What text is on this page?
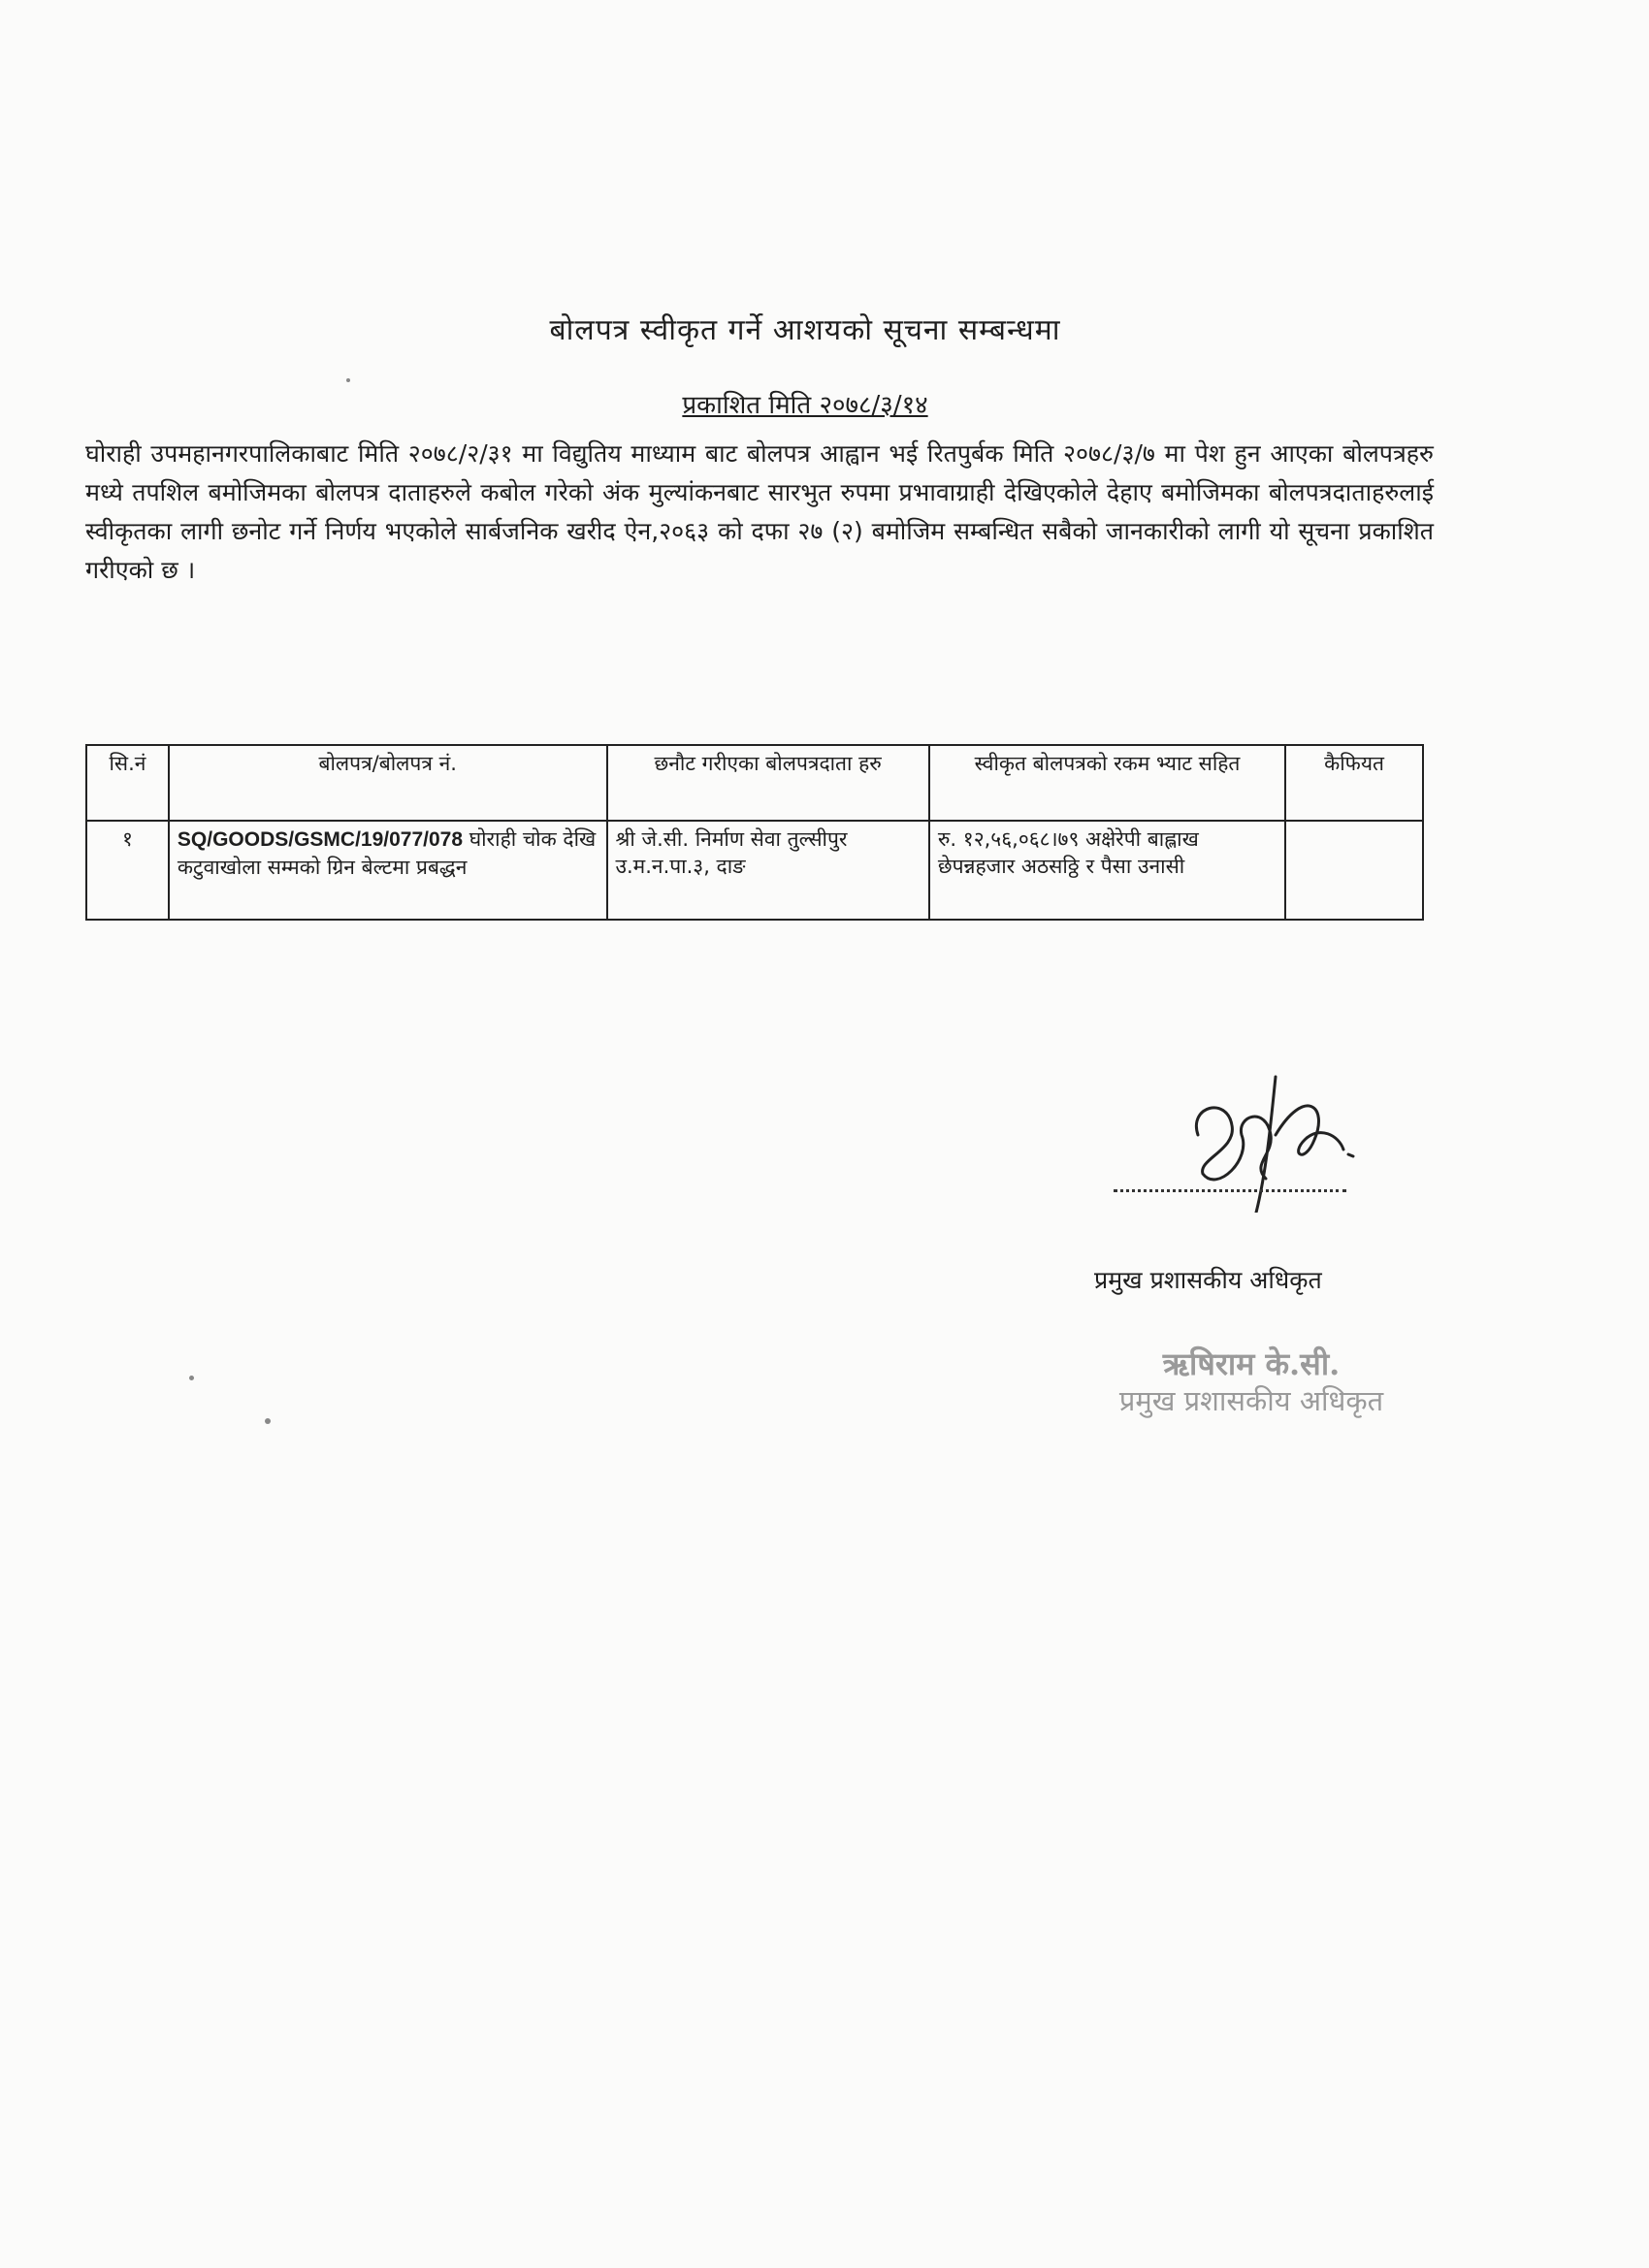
बोलपत्र स्वीकृत गर्ने आशयको सूचना सम्बन्धमा
प्रकाशित मिति २०७८/३/१४
घोराही उपमहानगरपालिकाबाट मिति २०७८/२/३१ मा विद्युतिय माध्याम बाट बोलपत्र आह्वान भई रितपुर्बक मिति २०७८/३/७ मा पेश हुन आएका बोलपत्रहरु मध्ये तपशिल बमोजिमका बोलपत्र दाताहरुले कबोल गरेको अंक मुल्यांकनबाट सारभुत रुपमा प्रभावाग्राही देखिएकोले देहाए बमोजिमका बोलपत्रदाताहरुलाई स्वीकृतका लागी छनोट गर्ने निर्णय भएकोले सार्बजनिक खरीद ऐन,२०६३ को दफा २७ (२) बमोजिम सम्बन्धित सबैको जानकारीको लागी यो सूचना प्रकाशित गरीएको छ ।
सि.नं	बोलपत्र/बोलपत्र नं.	छनौट गरीएका बोलपत्रदाता हरु	स्वीकृत बोलपत्रको रकम भ्याट सहित	कैफियत
१	SQ/GOODS/GSMC/19/077/078 घोराही चोक देखि कटुवाखोला सम्मको ग्रिन बेल्टमा प्रबद्धन	श्री जे.सी. निर्माण सेवा तुल्सीपुर उ.म.न.पा.३, दाङ	रु. १२,५६,०६८।७९ अक्षेरेपी बाह्लाख छेपन्नहजार अठसठ्ठि र पैसा उनासी	
प्रमुख प्रशासकीय अधिकृत
ऋषिराम के.सी.
प्रमुख प्रशासकीय अधिकृत
